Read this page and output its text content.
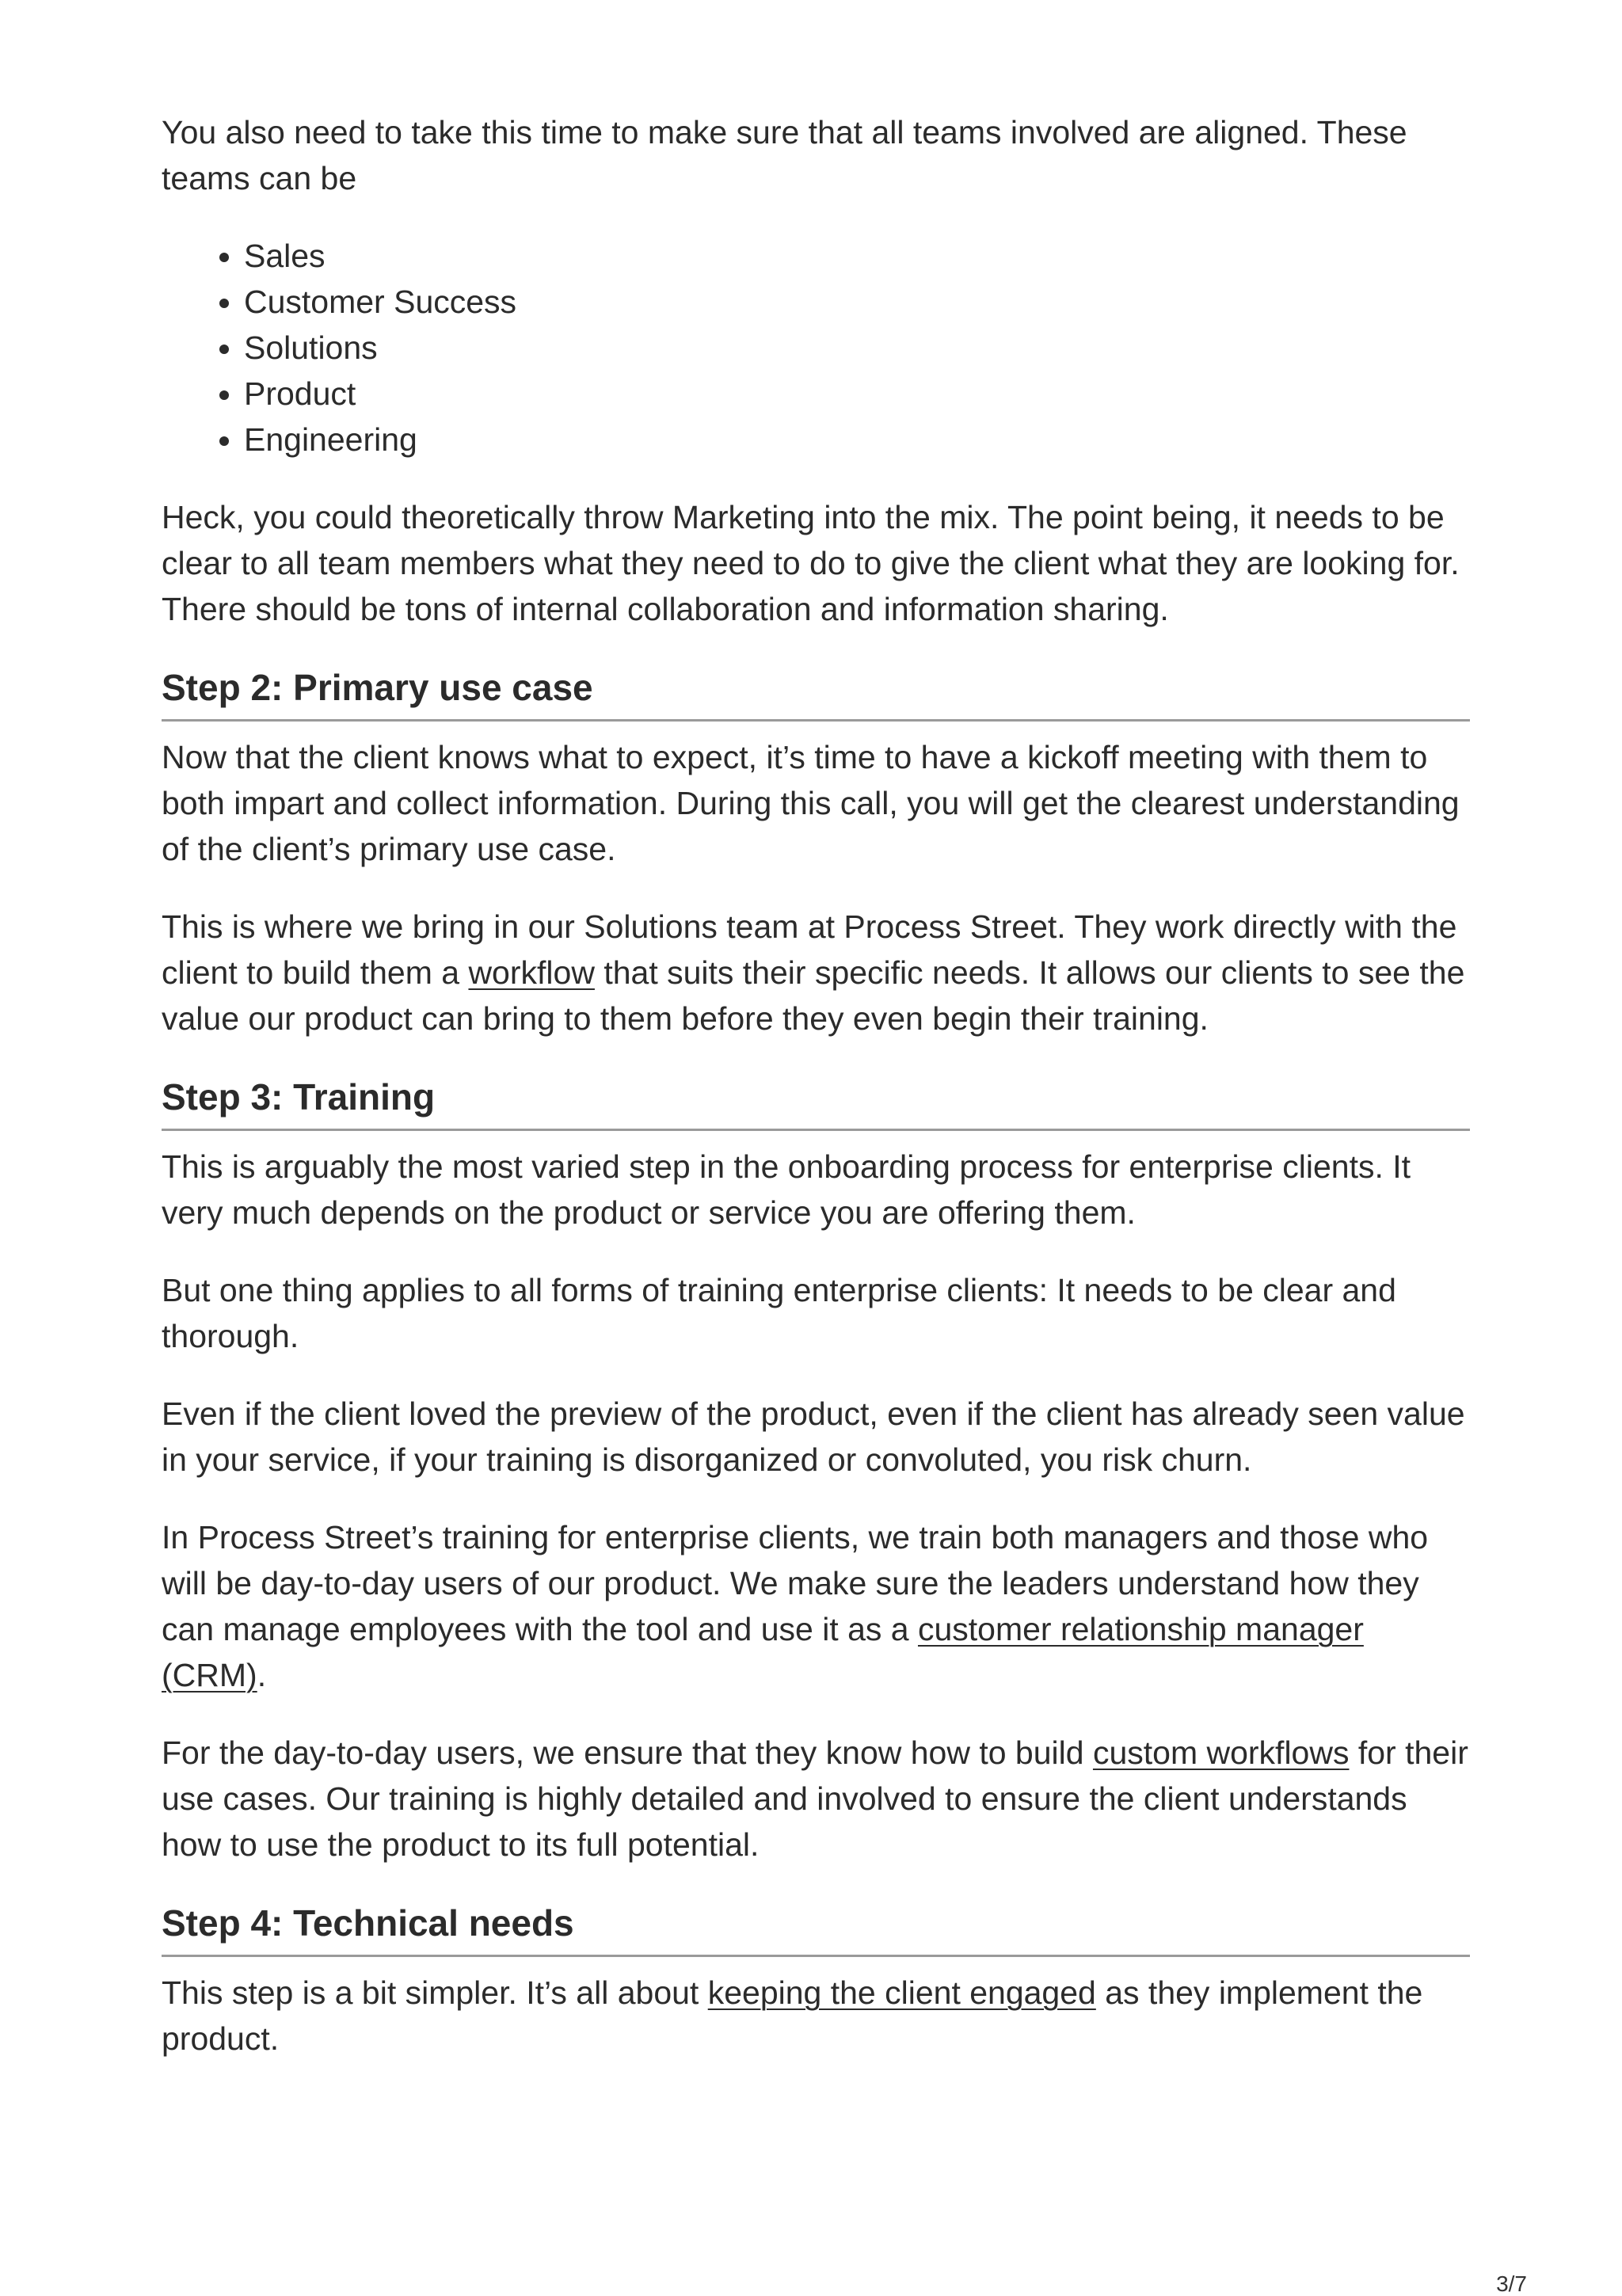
You also need to take this time to make sure that all teams involved are aligned. These teams can be

• Sales
• Customer Success
• Solutions
• Product
• Engineering

Heck, you could theoretically throw Marketing into the mix. The point being, it needs to be clear to all team members what they need to do to give the client what they are looking for. There should be tons of internal collaboration and information sharing.

Step 2: Primary use case

Now that the client knows what to expect, it’s time to have a kickoff meeting with them to both impart and collect information. During this call, you will get the clearest understanding of the client’s primary use case.

This is where we bring in our Solutions team at Process Street. They work directly with the client to build them a workflow that suits their specific needs. It allows our clients to see the value our product can bring to them before they even begin their training.

Step 3: Training

This is arguably the most varied step in the onboarding process for enterprise clients. It very much depends on the product or service you are offering them.

But one thing applies to all forms of training enterprise clients: It needs to be clear and thorough.

Even if the client loved the preview of the product, even if the client has already seen value in your service, if your training is disorganized or convoluted, you risk churn.

In Process Street’s training for enterprise clients, we train both managers and those who will be day-to-day users of our product. We make sure the leaders understand how they can manage employees with the tool and use it as a customer relationship manager (CRM).

For the day-to-day users, we ensure that they know how to build custom workflows for their use cases. Our training is highly detailed and involved to ensure the client understands how to use the product to its full potential.

Step 4: Technical needs

This step is a bit simpler. It’s all about keeping the client engaged as they implement the product.

3/7
